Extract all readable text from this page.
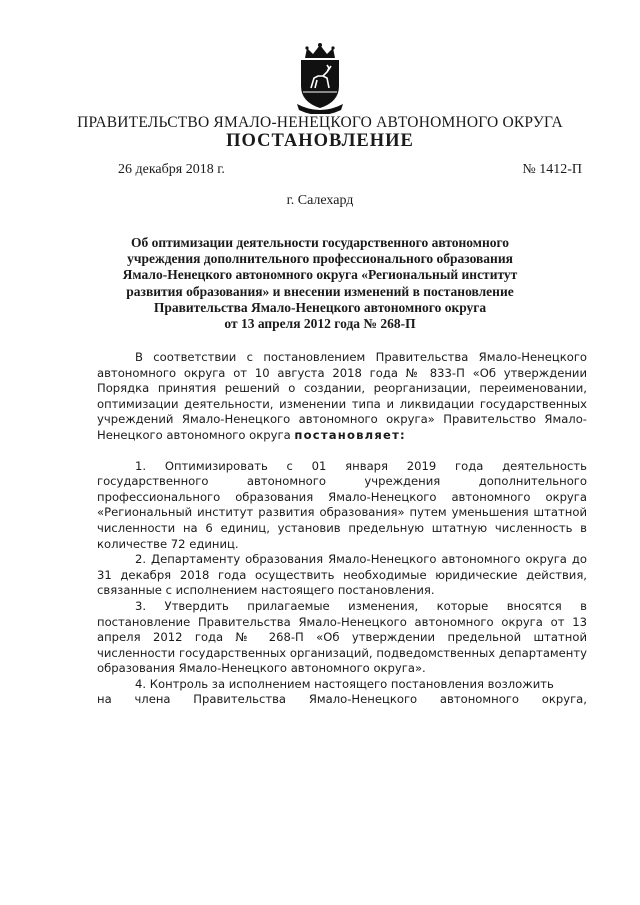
ПРАВИТЕЛЬСТВО ЯМАЛО-НЕНЕЦКОГО АВТОНОМНОГО ОКРУГА
ПОСТАНОВЛЕНИЕ
26 декабря 2018 г.	№ 1412-П
г. Салехард
Об оптимизации деятельности государственного автономного
учреждения дополнительного профессионального образования
Ямало-Ненецкого автономного округа «Региональный институт
развития образования» и внесении изменений в постановление
Правительства Ямало-Ненецкого автономного округа
от 13 апреля 2012 года № 268-П

В соответствии с постановлением Правительства Ямало-Ненецкого автономного округа от 10 августа 2018 года № 833-П «Об утверждении Порядка принятия решений о создании, реорганизации, переименовании, оптимизации деятельности, изменении типа и ликвидации государственных учреждений Ямало-Ненецкого автономного округа» Правительство Ямало-Ненецкого автономного округа постановляет:

1. Оптимизировать с 01 января 2019 года деятельность государственного автономного учреждения дополнительного профессионального образования Ямало-Ненецкого автономного округа «Региональный институт развития образования» путем уменьшения штатной численности на 6 единиц, установив предельную штатную численность в количестве 72 единиц.

2. Департаменту образования Ямало-Ненецкого автономного округа до 31 декабря 2018 года осуществить необходимые юридические действия, связанные с исполнением настоящего постановления.

3. Утвердить прилагаемые изменения, которые вносятся в постановление Правительства Ямало-Ненецкого автономного округа от 13 апреля 2012 года № 268-П «Об утверждении предельной штатной численности государственных организаций, подведомственных департаменту образования Ямало-Ненецкого автономного округа».

4. Контроль за исполнением настоящего постановления возложить

на члена Правительства Ямало-Ненецкого автономного округа,
